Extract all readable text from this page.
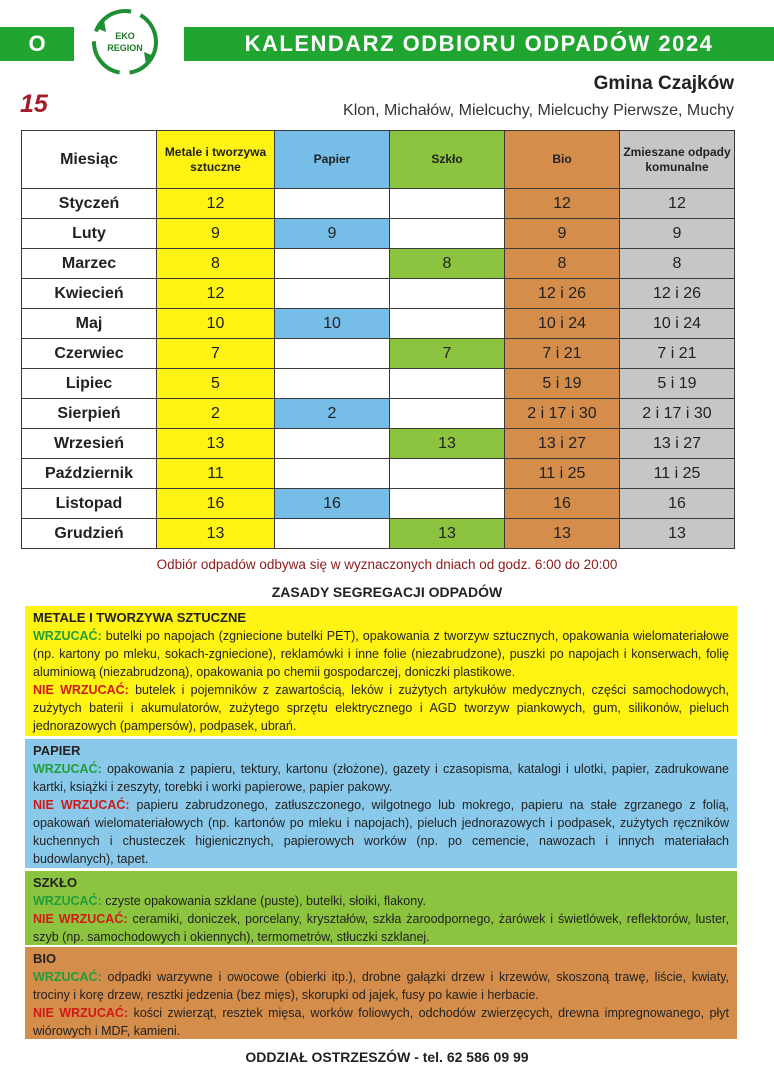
O	EKO
REGION	KALENDARZ ODBIORU ODPADÓW 2024
15
Gmina Czajków
Klon, Michałów, Mielcuchy, Mielcuchy Pierwsze, Muchy
Miesiąc	Metale i tworzywa sztuczne	Papier	Szkło	Bio	Zmieszane odpady komunalne
Styczeń	12			12	12
Luty	9	9		9	9
Marzec	8		8	8	8
Kwiecień	12			12 i 26	12 i 26
Maj	10	10		10 i 24	10 i 24
Czerwiec	7		7	7 i 21	7 i 21
Lipiec	5			5 i 19	5 i 19
Sierpień	2	2		2 i 17 i 30	2 i 17 i 30
Wrzesień	13		13	13 i 27	13 i 27
Październik	11			11 i 25	11 i 25
Listopad	16	16		16	16
Grudzień	13		13	13	13
Odbiór odpadów odbywa się w wyznaczonych dniach od godz. 6:00 do 20:00
ZASADY SEGREGACJI ODPADÓW
METALE I TWORZYWA SZTUCZNE
WRZUCAĆ: butelki po napojach (zgniecione butelki PET), opakowania z tworzyw sztucznych, opakowania wielomateriałowe (np. kartony po mleku, sokach-zgniecione), reklamówki i inne folie (niezabrudzone), puszki po napojach i konserwach, folię aluminiową (niezabrudzoną), opakowania po chemii gospodarczej, doniczki plastikowe.
NIE WRZUCAĆ: butelek i pojemników z zawartością, leków i zużytych artykułów medycznych, części samochodowych, zużytych baterii i akumulatorów, zużytego sprzętu elektrycznego i AGD tworzyw piankowych, gum, silikonów, pieluch jednorazowych (pampersów), podpasek, ubrań.
PAPIER
WRZUCAĆ: opakowania z papieru, tektury, kartonu (złożone), gazety i czasopisma, katalogi i ulotki, papier, zadrukowane kartki, książki i zeszyty, torebki i worki papierowe, papier pakowy.
NIE WRZUCAĆ: papieru zabrudzonego, zatłuszczonego, wilgotnego lub mokrego, papieru na stałe zgrzanego z folią, opakowań wielomateriałowych (np. kartonów po mleku i napojach), pieluch jednorazowych i podpasek, zużytych ręczników kuchennych i chusteczek higienicznych, papierowych worków (np. po cemencie, nawozach i innych materiałach budowlanych), tapet.
SZKŁO
WRZUCAĆ: czyste opakowania szklane (puste), butelki, słoiki, flakony.
NIE WRZUCAĆ: ceramiki, doniczek, porcelany, kryształów, szkła żaroodpornego, żarówek i świetlówek, reflektorów, luster, szyb (np. samochodowych i okiennych), termometrów, stłuczki szklanej.
BIO
WRZUCAĆ: odpadki warzywne i owocowe (obierki itp.), drobne gałązki drzew i krzewów, skoszoną trawę, liście, kwiaty, trociny i korę drzew, resztki jedzenia (bez mięs), skorupki od jajek, fusy po kawie i herbacie.
NIE WRZUCAĆ: kości zwierząt, resztek mięsa, worków foliowych, odchodów zwierzęcych, drewna impregnowanego, płyt wiórowych i MDF, kamieni.
ODDZIAŁ OSTRZESZÓW - tel. 62 586 09 99
